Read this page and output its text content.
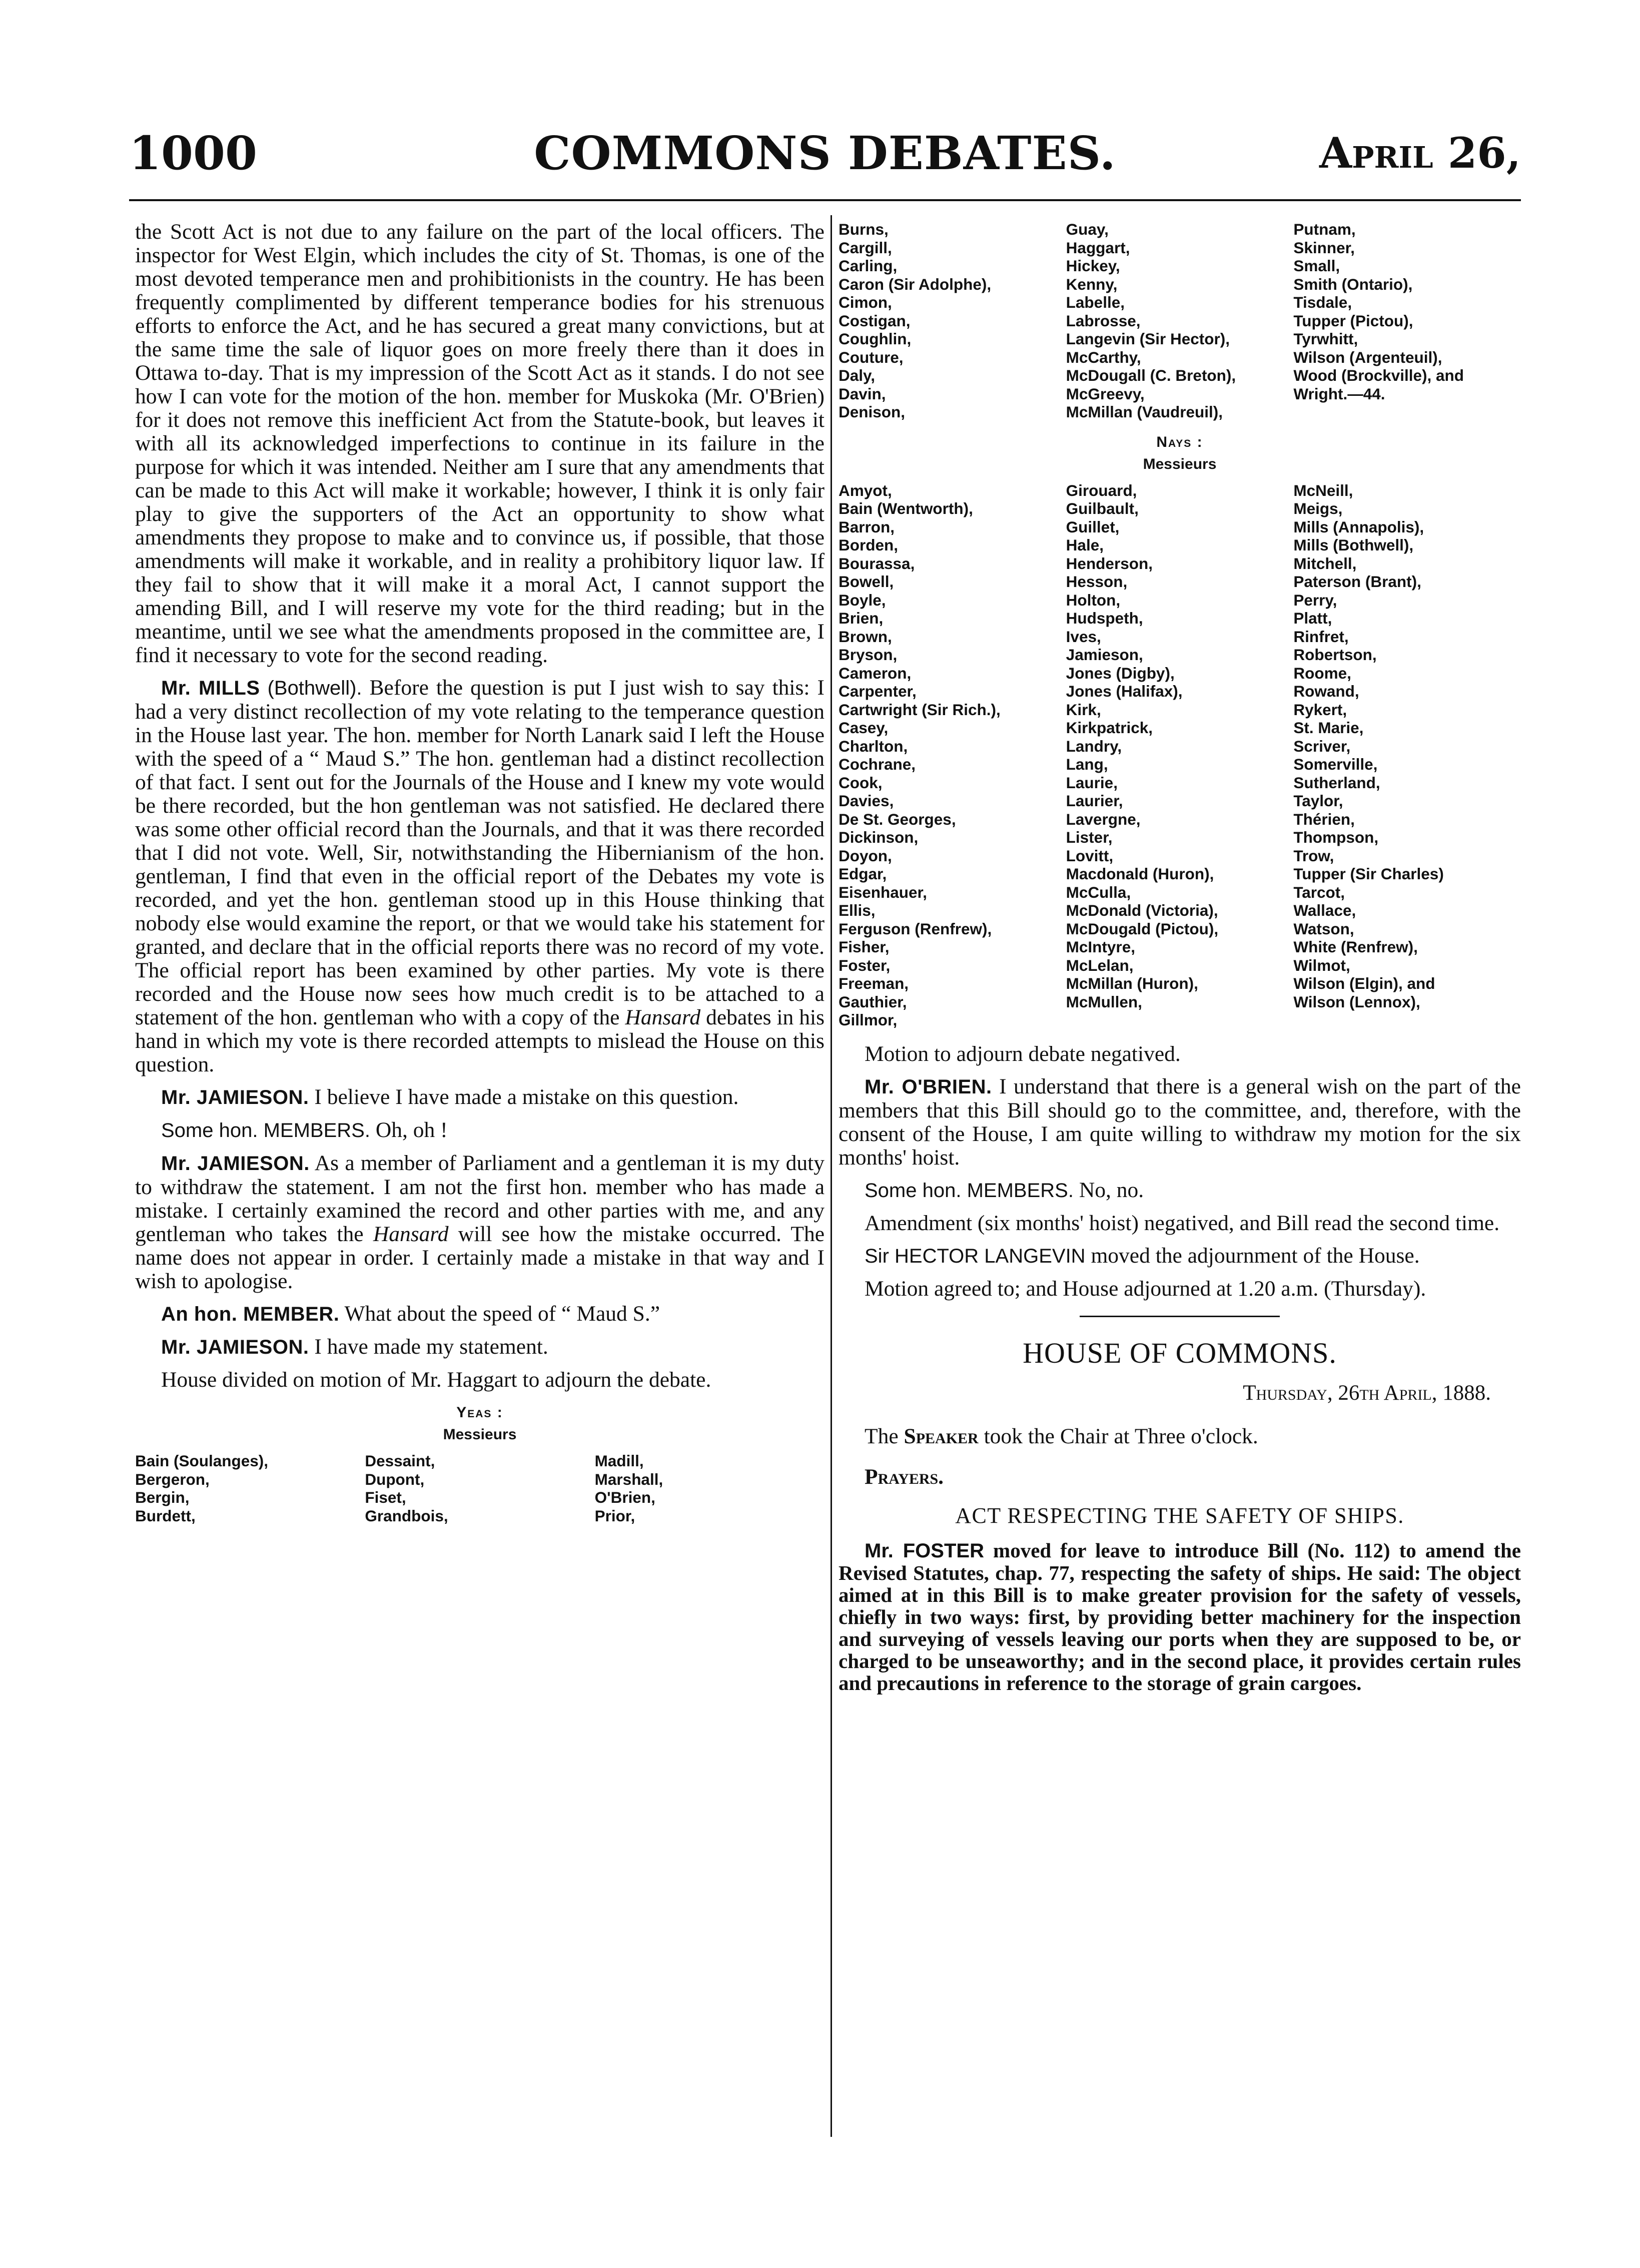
1000	COMMONS DEBATES.	April 26,

the Scott Act is not due to any failure on the part of the local officers. The inspector for West Elgin, which includes the city of St. Thomas, is one of the most devoted temperance men and prohibitionists in the country. He has been frequently complimented by different temperance bodies for his strenuous efforts to enforce the Act, and he has secured a great many convictions, but at the same time the sale of liquor goes on more freely there than it does in Ottawa to-day. That is my impression of the Scott Act as it stands. I do not see how I can vote for the motion of the hon. member for Muskoka (Mr. O'Brien) for it does not remove this inefficient Act from the Statute-book, but leaves it with all its acknowledged imperfections to continue in its failure in the purpose for which it was intended. Neither am I sure that any amendments that can be made to this Act will make it workable; however, I think it is only fair play to give the supporters of the Act an opportunity to show what amendments they propose to make and to convince us, if possible, that those amendments will make it workable, and in reality a prohibitory liquor law. If they fail to show that it will make it a moral Act, I cannot support the amending Bill, and I will reserve my vote for the third reading; but in the meantime, until we see what the amendments proposed in the committee are, I find it necessary to vote for the second reading.

Mr. MILLS (Bothwell). Before the question is put I just wish to say this: I had a very distinct recollection of my vote relating to the temperance question in the House last year. The hon. member for North Lanark said I left the House with the speed of a “ Maud S.” The hon. gentleman had a distinct recollection of that fact. I sent out for the Journals of the House and I knew my vote would be there recorded, but the hon gentleman was not satisfied. He declared there was some other official record than the Journals, and that it was there recorded that I did not vote. Well, Sir, notwithstanding the Hibernianism of the hon. gentleman, I find that even in the official report of the Debates my vote is recorded, and yet the hon. gentleman stood up in this House thinking that nobody else would examine the report, or that we would take his statement for granted, and declare that in the official reports there was no record of my vote. The official report has been examined by other parties. My vote is there recorded and the House now sees how much credit is to be attached to a statement of the hon. gentleman who with a copy of the Hansard debates in his hand in which my vote is there recorded attempts to mislead the House on this question.

Mr. JAMIESON. I believe I have made a mistake on this question.

Some hon. MEMBERS. Oh, oh !

Mr. JAMIESON. As a member of Parliament and a gentleman it is my duty to withdraw the statement. I am not the first hon. member who has made a mistake. I certainly examined the record and other parties with me, and any gentleman who takes the Hansard will see how the mistake occurred. The name does not appear in order. I certainly made a mistake in that way and I wish to apologise.

An hon. MEMBER. What about the speed of “ Maud S.”

Mr. JAMIESON. I have made my statement.

House divided on motion of Mr. Haggart to adjourn the debate.

Yeas :
Messieurs
Bain (Soulanges),
Bergeron,
Bergin,
Burdett,
Dessaint,
Dupont,
Fiset,
Grandbois,
Madill,
Marshall,
O'Brien,
Prior,
Burns,
Cargill,
Carling,
Caron (Sir Adolphe),
Cimon,
Costigan,
Coughlin,
Couture,
Daly,
Davin,
Denison,
Guay,
Haggart,
Hickey,
Kenny,
Labelle,
Labrosse,
Langevin (Sir Hector),
McCarthy,
McDougall (C. Breton),
McGreevy,
McMillan (Vaudreuil),
Putnam,
Skinner,
Small,
Smith (Ontario),
Tisdale,
Tupper (Pictou),
Tyrwhitt,
Wilson (Argenteuil),
Wood (Brockville), and
Wright.—44.
Nays :
Messieurs
Amyot,
Bain (Wentworth),
Barron,
Borden,
Bourassa,
Bowell,
Boyle,
Brien,
Brown,
Bryson,
Cameron,
Carpenter,
Cartwright (Sir Rich.),
Casey,
Charlton,
Cochrane,
Cook,
Davies,
De St. Georges,
Dickinson,
Doyon,
Edgar,
Eisenhauer,
Ellis,
Ferguson (Renfrew),
Fisher,
Foster,
Freeman,
Gauthier,
Gillmor,
Girouard,
Guilbault,
Guillet,
Hale,
Henderson,
Hesson,
Holton,
Hudspeth,
Ives,
Jamieson,
Jones (Digby),
Jones (Halifax),
Kirk,
Kirkpatrick,
Landry,
Lang,
Laurie,
Laurier,
Lavergne,
Lister,
Lovitt,
Macdonald (Huron),
McCulla,
McDonald (Victoria),
McDougald (Pictou),
McIntyre,
McLelan,
McMillan (Huron),
McMullen,
McNeill,
Meigs,
Mills (Annapolis),
Mills (Bothwell),
Mitchell,
Paterson (Brant),
Perry,
Platt,
Rinfret,
Robertson,
Roome,
Rowand,
Rykert,
St. Marie,
Scriver,
Somerville,
Sutherland,
Taylor,
Thérien,
Thompson,
Trow,
Tupper (Sir Charles)
Tarcot,
Wallace,
Watson,
White (Renfrew),
Wilmot,
Wilson (Elgin), and
Wilson (Lennox),

Motion to adjourn debate negatived.

Mr. O'BRIEN. I understand that there is a general wish on the part of the members that this Bill should go to the committee, and, therefore, with the consent of the House, I am quite willing to withdraw my motion for the six months' hoist.

Some hon. MEMBERS. No, no.

Amendment (six months' hoist) negatived, and Bill read the second time.

Sir HECTOR LANGEVIN moved the adjournment of the House.

Motion agreed to; and House adjourned at 1.20 a.m. (Thursday).

HOUSE OF COMMONS.
Thursday, 26th April, 1888.

The Speaker took the Chair at Three o'clock.

Prayers.

ACT RESPECTING THE SAFETY OF SHIPS.

Mr. FOSTER moved for leave to introduce Bill (No. 112) to amend the Revised Statutes, chap. 77, respecting the safety of ships. He said: The object aimed at in this Bill is to make greater provision for the safety of vessels, chiefly in two ways: first, by providing better machinery for the inspection and surveying of vessels leaving our ports when they are supposed to be, or charged to be unseaworthy; and in the second place, it provides certain rules and precautions in reference to the storage of grain cargoes.
